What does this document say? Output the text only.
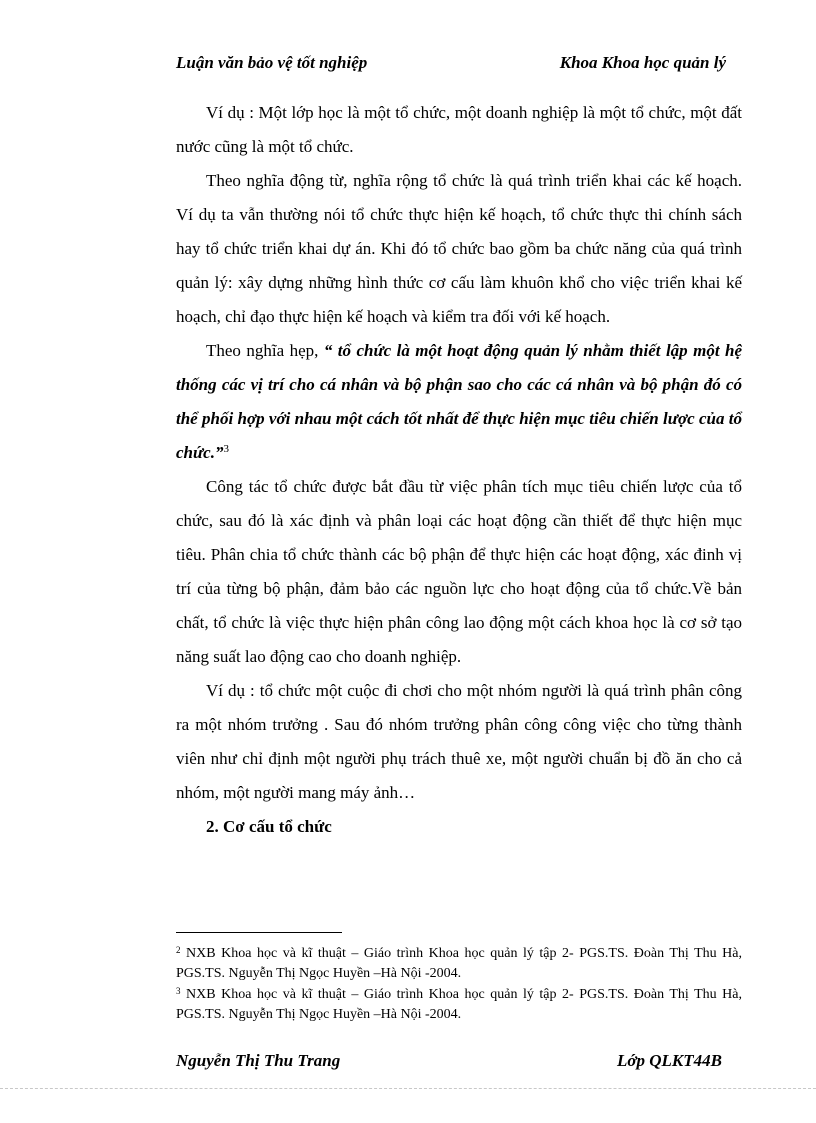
Luận văn bảo vệ tốt nghiệp	Khoa Khoa học quản lý

Ví dụ : Một lớp học là một tổ chức, một doanh nghiệp là một tổ chức, một đất nước cũng là một tổ chức.

Theo nghĩa động từ, nghĩa rộng tổ chức là quá trình triển khai các kế hoạch. Ví dụ ta vẫn thường nói tổ chức thực hiện kế hoạch, tổ chức thực thi chính sách hay tổ chức triển khai dự án. Khi đó tổ chức bao gồm ba chức năng của quá trình quản lý: xây dựng những hình thức cơ cấu làm khuôn khổ cho việc triển khai kế hoạch, chỉ đạo thực hiện kế hoạch và kiểm tra đối với kế hoạch.

Theo nghĩa hẹp, “ tổ chức là một hoạt động quản lý nhằm thiết lập một hệ thống các vị trí cho cá nhân và bộ phận sao cho các cá nhân và bộ phận đó có thể phối hợp với nhau một cách tốt nhất để thực hiện mục tiêu chiến lược của tổ chức.”$^3$

Công tác tổ chức được bắt đầu từ việc phân tích mục tiêu chiến lược của tổ chức, sau đó là xác định và phân loại các hoạt động cần thiết để thực hiện mục tiêu. Phân chia tổ chức thành các bộ phận để thực hiện các hoạt động, xác đinh vị trí của từng bộ phận, đảm bảo các nguồn lực cho hoạt động của tổ chức.Về bản chất, tổ chức là việc thực hiện phân công lao động một cách khoa học là cơ sở tạo năng suất lao động cao cho doanh nghiệp.

Ví dụ : tổ chức một cuộc đi chơi cho một nhóm người là quá trình phân công ra một nhóm trưởng . Sau đó nhóm trưởng phân công công việc cho từng thành viên như chỉ định một người phụ trách thuê xe, một người chuẩn bị đồ ăn cho cả nhóm, một người mang máy ảnh…

2. Cơ cấu tổ chức

$^2$ NXB Khoa học và kĩ thuật – Giáo trình Khoa học quản lý tập 2- PGS.TS. Đoàn Thị Thu Hà, PGS.TS. Nguyễn Thị Ngọc Huyền –Hà Nội -2004.

$^3$ NXB Khoa học và kĩ thuật – Giáo trình Khoa học quản lý tập 2- PGS.TS. Đoàn Thị Thu Hà, PGS.TS. Nguyễn Thị Ngọc Huyền –Hà Nội -2004.

Nguyễn Thị Thu Trang	Lớp QLKT44B
